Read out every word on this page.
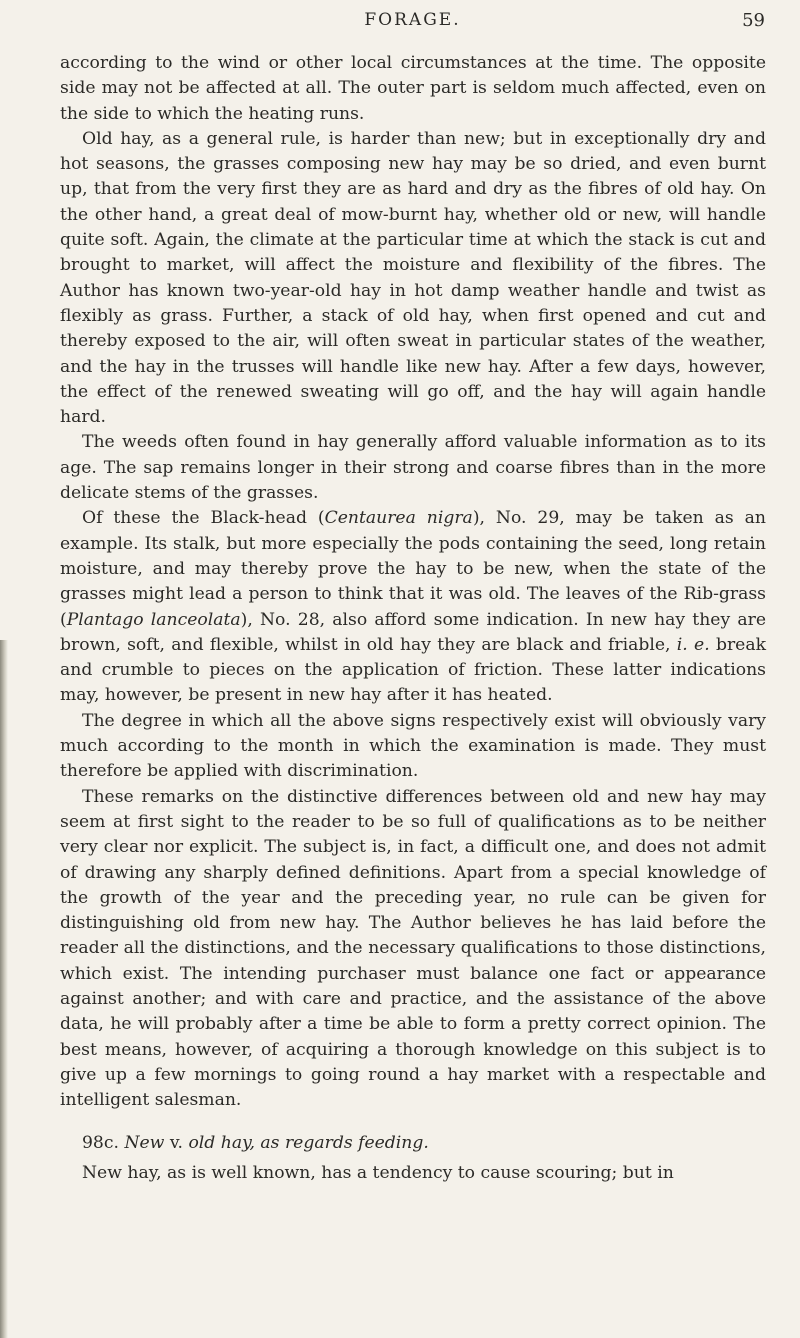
FORAGE.	59

according to the wind or other local circumstances at the time. The opposite side may not be affected at all. The outer part is seldom much affected, even on the side to which the heating runs.

Old hay, as a general rule, is harder than new; but in exceptionally dry and hot seasons, the grasses composing new hay may be so dried, and even burnt up, that from the very first they are as hard and dry as the fibres of old hay. On the other hand, a great deal of mow-burnt hay, whether old or new, will handle quite soft. Again, the climate at the particular time at which the stack is cut and brought to market, will affect the moisture and flexibility of the fibres. The Author has known two-year-old hay in hot damp weather handle and twist as flexibly as grass. Further, a stack of old hay, when first opened and cut and thereby exposed to the air, will often sweat in particular states of the weather, and the hay in the trusses will handle like new hay. After a few days, however, the effect of the renewed sweating will go off, and the hay will again handle hard.

The weeds often found in hay generally afford valuable information as to its age. The sap remains longer in their strong and coarse fibres than in the more delicate stems of the grasses.

Of these the Black-head (Centaurea nigra), No. 29, may be taken as an example. Its stalk, but more especially the pods containing the seed, long retain moisture, and may thereby prove the hay to be new, when the state of the grasses might lead a person to think that it was old. The leaves of the Rib-grass (Plantago lanceolata), No. 28, also afford some indication. In new hay they are brown, soft, and flexible, whilst in old hay they are black and friable, i. e. break and crumble to pieces on the application of friction. These latter indications may, however, be present in new hay after it has heated.

The degree in which all the above signs respectively exist will obviously vary much according to the month in which the examination is made. They must therefore be applied with discrimination.

These remarks on the distinctive differences between old and new hay may seem at first sight to the reader to be so full of qualifications as to be neither very clear nor explicit. The subject is, in fact, a difficult one, and does not admit of drawing any sharply defined definitions. Apart from a special knowledge of the growth of the year and the preceding year, no rule can be given for distinguishing old from new hay. The Author believes he has laid before the reader all the distinctions, and the necessary qualifications to those distinctions, which exist. The intending purchaser must balance one fact or appearance against another; and with care and practice, and the assistance of the above data, he will probably after a time be able to form a pretty correct opinion. The best means, however, of acquiring a thorough knowledge on this subject is to give up a few mornings to going round a hay market with a respectable and intelligent salesman.

98c. New v. old hay, as regards feeding.

New hay, as is well known, has a tendency to cause scouring; but in
